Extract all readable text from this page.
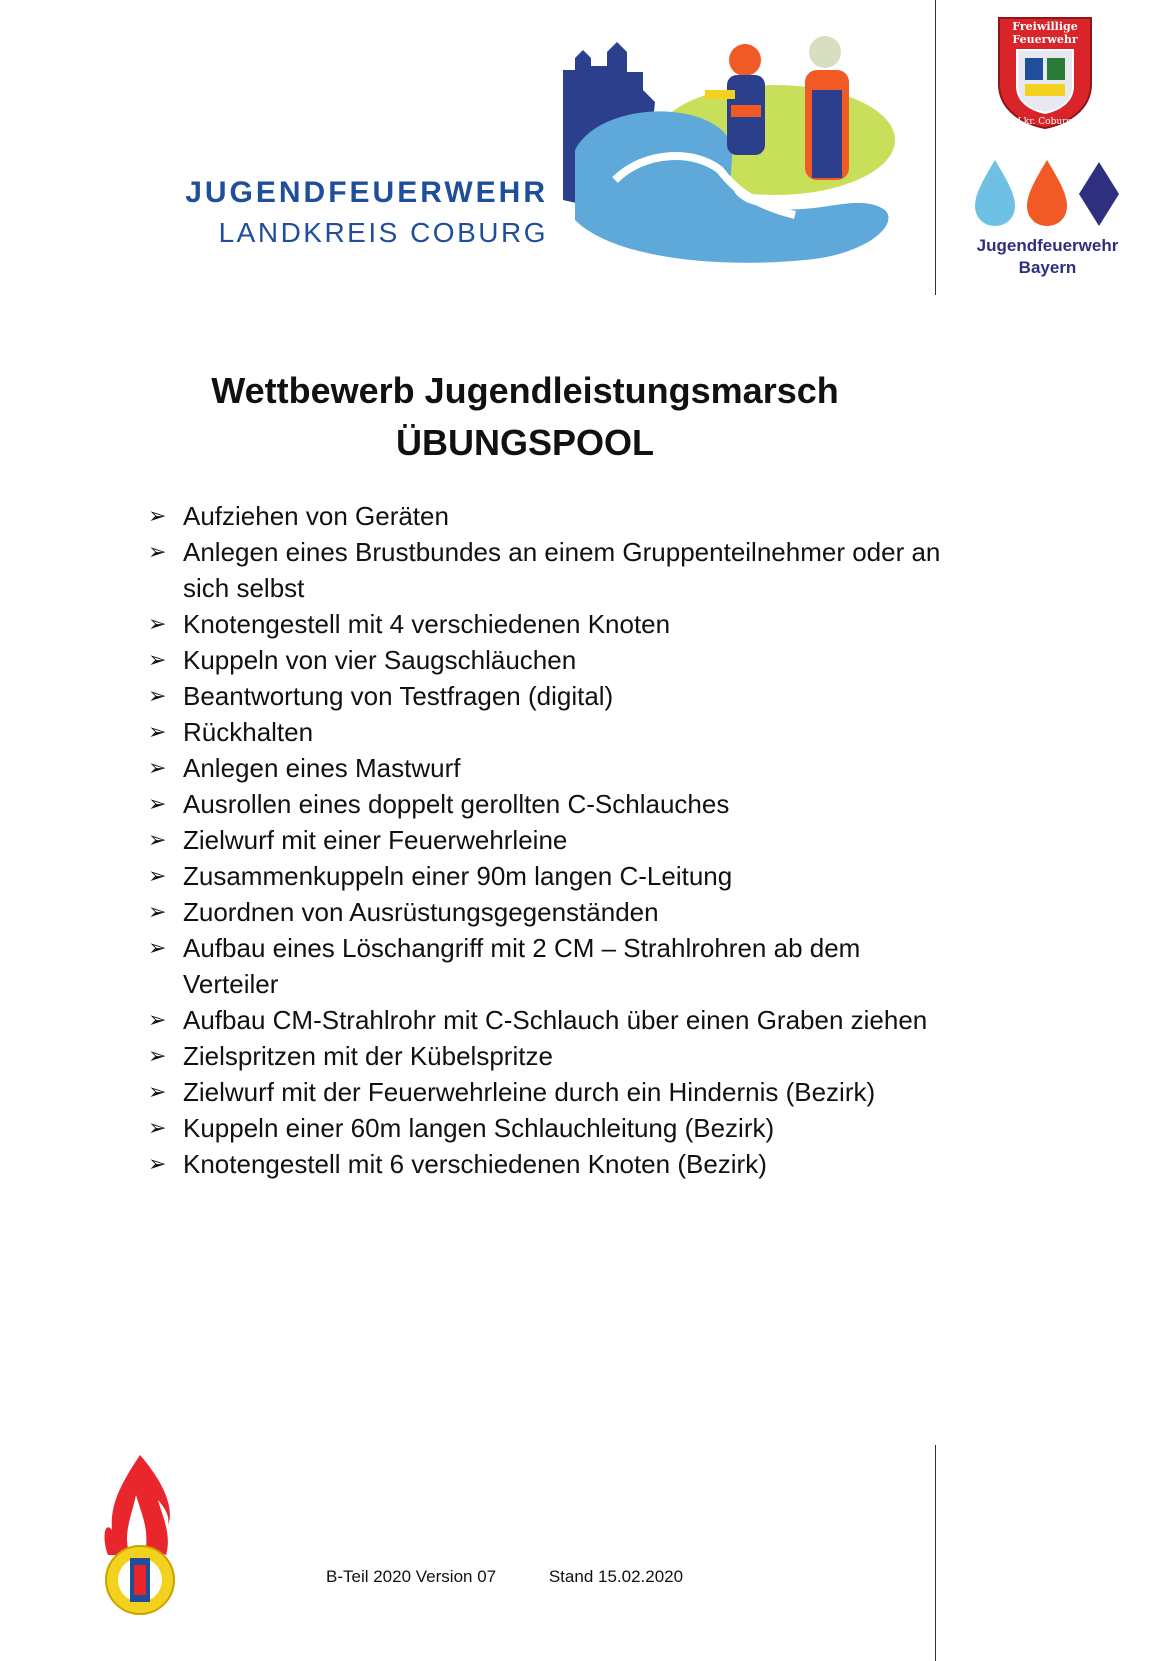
JUGENDFEUERWEHR
LANDKREIS COBURG
Freiwillige
Feuerwehr
Lkr. Coburg
Jugendfeuerwehr
Bayern
Wettbewerb Jugendleistungsmarsch
ÜBUNGSPOOL
➢ Aufziehen von Geräten
➢ Anlegen eines Brustbundes an einem Gruppenteilnehmer oder an sich selbst
➢ Knotengestell mit 4 verschiedenen Knoten
➢ Kuppeln von vier Saugschläuchen
➢ Beantwortung von Testfragen (digital)
➢ Rückhalten
➢ Anlegen eines Mastwurf
➢ Ausrollen eines doppelt gerollten C-Schlauches
➢ Zielwurf mit einer Feuerwehrleine
➢ Zusammenkuppeln einer 90m langen C-Leitung
➢ Zuordnen von Ausrüstungsgegenständen
➢ Aufbau eines Löschangriff mit 2 CM – Strahlrohren ab dem Verteiler
➢ Aufbau CM-Strahlrohr mit C-Schlauch über einen Graben ziehen
➢ Zielspritzen mit der Kübelspritze
➢ Zielwurf mit der Feuerwehrleine durch ein Hindernis (Bezirk)
➢ Kuppeln einer 60m langen Schlauchleitung (Bezirk)
➢ Knotengestell mit 6 verschiedenen Knoten (Bezirk)
B-Teil 2020 Version 07	Stand 15.02.2020
